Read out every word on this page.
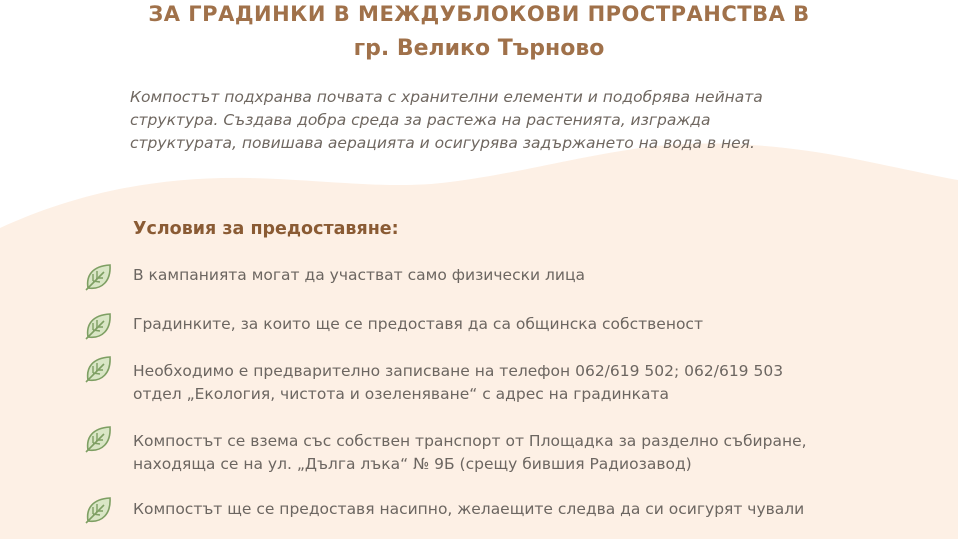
ЗА ГРАДИНКИ В МЕЖДУБЛОКОВИ ПРОСТРАНСТВА В
гр. Велико Търново

Компостът подхранва почвата с хранителни елементи и подобрява нейната
структура. Създава добра среда за растежа на растенията, изгражда
структурата, повишава аерацията и осигурява задържането на вода в нея.

Условия за предоставяне:

В кампанията могат да участват само физически лица

Градинките, за които ще се предоставя да са общинска собственост

Необходимо е предварително записване на телефон 062/619 502; 062/619 503
отдел „Екология, чистота и озеленяване“ с адрес на градинката

Компостът се взема със собствен транспорт от Площадка за разделно събиране,
находяща се на ул. „Дълга лъка“ № 9Б (срещу бившия Радиозавод)

Компостът ще се предоставя насипно, желаещите следва да си осигурят чували
